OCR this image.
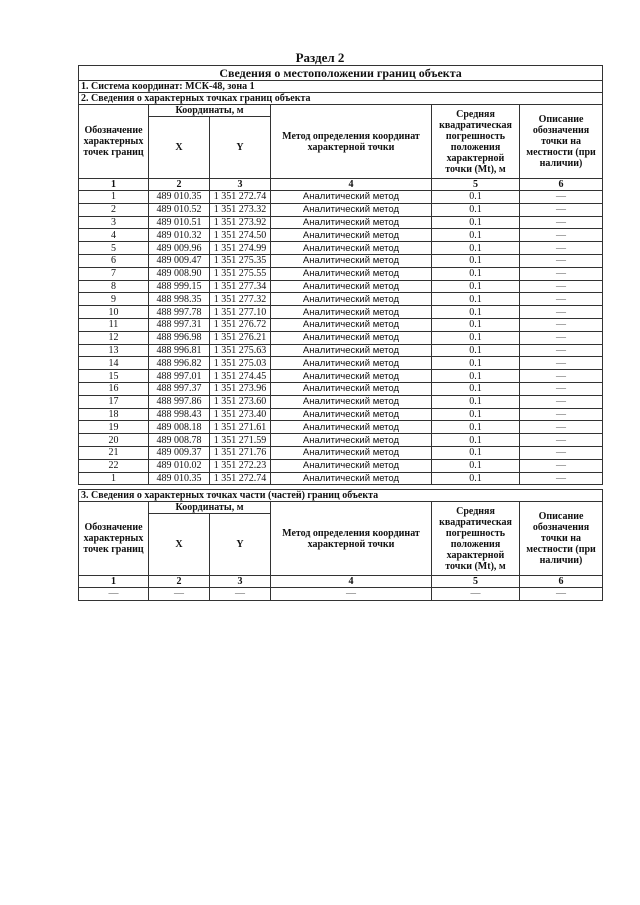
Раздел 2
Сведения о местоположении границ объекта					
1. Система координат: МСК-48, зона 1					
2. Сведения о характерных точках границ объекта					
Обозначение характерных точек границ	Координаты, м		Метод определения координат характерной точки	Средняя квадратическая погрешность положения характерной точки (Mt), м	Описание обозначения точки на местности (при наличии)
	X	Y			
1	2	3	4	5	6
1	489 010.35	1 351 272.74	Аналитический метод	0.1	—
2	489 010.52	1 351 273.32	Аналитический метод	0.1	—
3	489 010.51	1 351 273.92	Аналитический метод	0.1	—
4	489 010.32	1 351 274.50	Аналитический метод	0.1	—
5	489 009.96	1 351 274.99	Аналитический метод	0.1	—
6	489 009.47	1 351 275.35	Аналитический метод	0.1	—
7	489 008.90	1 351 275.55	Аналитический метод	0.1	—
8	488 999.15	1 351 277.34	Аналитический метод	0.1	—
9	488 998.35	1 351 277.32	Аналитический метод	0.1	—
10	488 997.78	1 351 277.10	Аналитический метод	0.1	—
11	488 997.31	1 351 276.72	Аналитический метод	0.1	—
12	488 996.98	1 351 276.21	Аналитический метод	0.1	—
13	488 996.81	1 351 275.63	Аналитический метод	0.1	—
14	488 996.82	1 351 275.03	Аналитический метод	0.1	—
15	488 997.01	1 351 274.45	Аналитический метод	0.1	—
16	488 997.37	1 351 273.96	Аналитический метод	0.1	—
17	488 997.86	1 351 273.60	Аналитический метод	0.1	—
18	488 998.43	1 351 273.40	Аналитический метод	0.1	—
19	489 008.18	1 351 271.61	Аналитический метод	0.1	—
20	489 008.78	1 351 271.59	Аналитический метод	0.1	—
21	489 009.37	1 351 271.76	Аналитический метод	0.1	—
22	489 010.02	1 351 272.23	Аналитический метод	0.1	—
1	489 010.35	1 351 272.74	Аналитический метод	0.1	—
3. Сведения о характерных точках части (частей) границ объекта					
Обозначение характерных точек границ	Координаты, м		Метод определения координат характерной точки	Средняя квадратическая погрешность положения характерной точки (Mt), м	Описание обозначения точки на местности (при наличии)
	X	Y			
1	2	3	4	5	6
—	—	—	—	—	—
